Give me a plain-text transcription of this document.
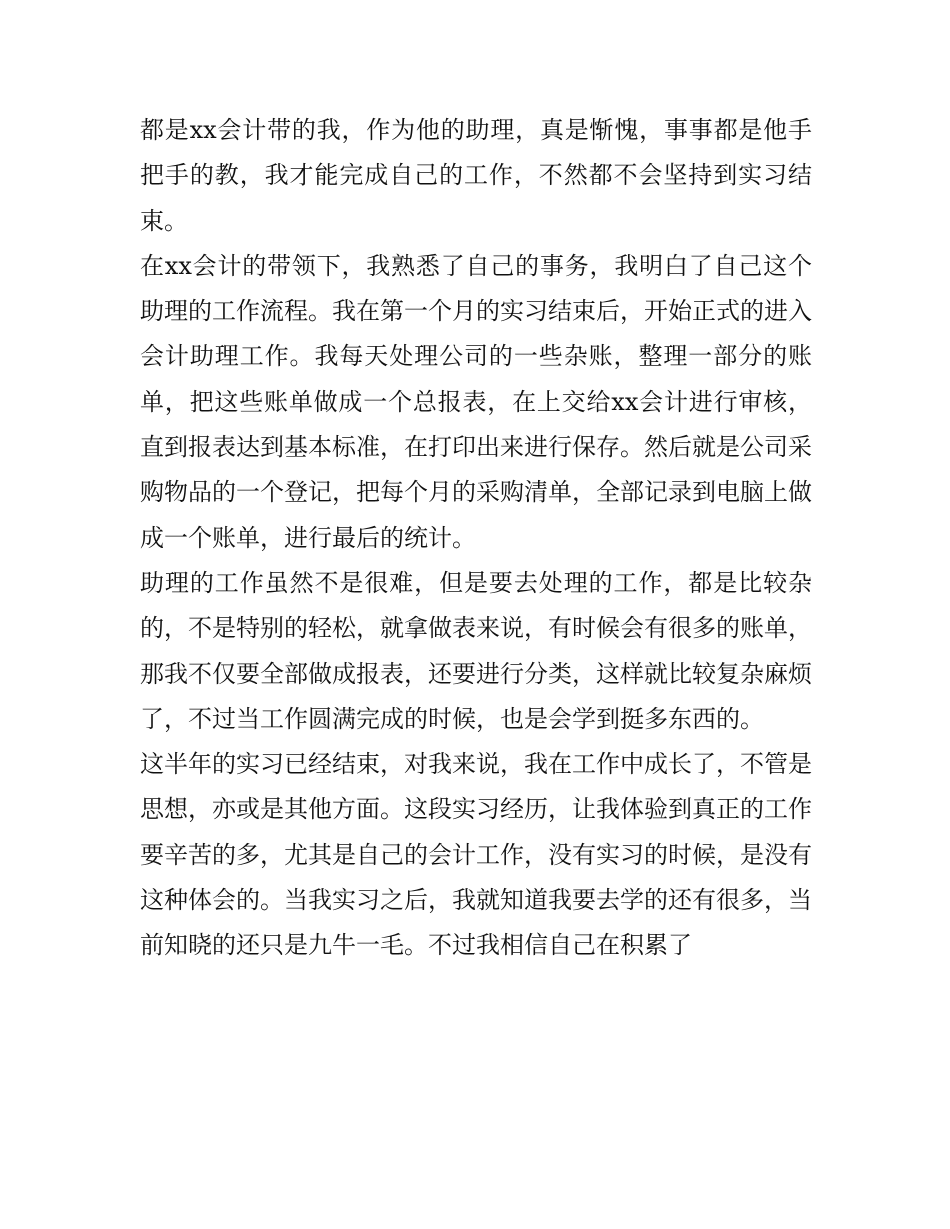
都是xx会计带的我，作为他的助理，真是惭愧，事事都是他手把手的教，我才能完成自己的工作，不然都不会坚持到实习结束。

在xx会计的带领下，我熟悉了自己的事务，我明白了自己这个助理的工作流程。我在第一个月的实习结束后，开始正式的进入会计助理工作。我每天处理公司的一些杂账，整理一部分的账单，把这些账单做成一个总报表，在上交给xx会计进行审核，直到报表达到基本标准，在打印出来进行保存。然后就是公司采购物品的一个登记，把每个月的采购清单，全部记录到电脑上做成一个账单，进行最后的统计。

助理的工作虽然不是很难，但是要去处理的工作，都是比较杂的，不是特别的轻松，就拿做表来说，有时候会有很多的账单，那我不仅要全部做成报表，还要进行分类，这样就比较复杂麻烦了，不过当工作圆满完成的时候，也是会学到挺多东西的。

这半年的实习已经结束，对我来说，我在工作中成长了，不管是思想，亦或是其他方面。这段实习经历，让我体验到真正的工作要辛苦的多，尤其是自己的会计工作，没有实习的时候，是没有这种体会的。当我实习之后，我就知道我要去学的还有很多，当前知晓的还只是九牛一毛。不过我相信自己在积累了
